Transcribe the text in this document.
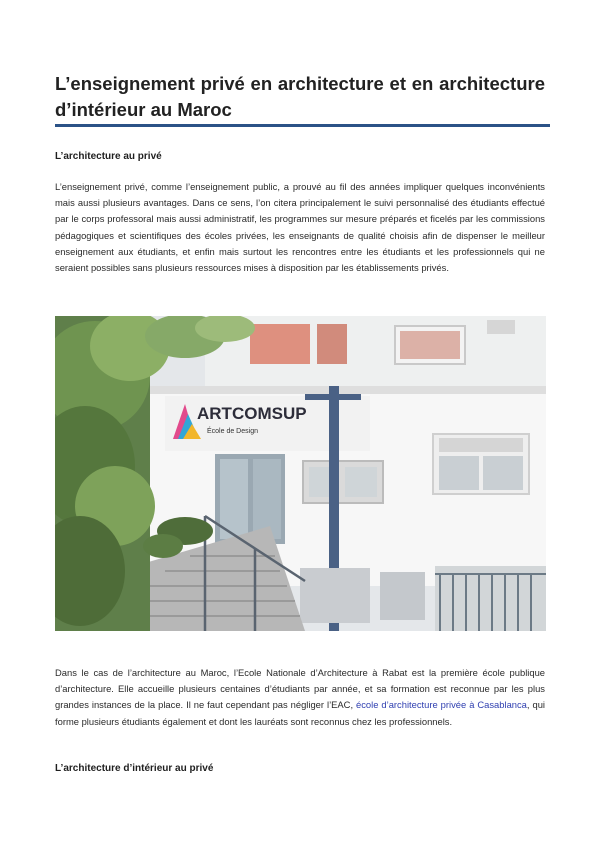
L’enseignement privé en architecture et en architecture d’intérieur au Maroc
L’architecture au privé

L’enseignement privé, comme l’enseignement public, a prouvé au fil des années impliquer quelques inconvénients mais aussi plusieurs avantages. Dans ce sens, l’on citera principalement le suivi personnalisé des étudiants effectué par le corps professoral mais aussi administratif, les programmes sur mesure préparés et ficelés par les commissions pédagogiques et scientifiques des écoles privées, les enseignants de qualité choisis afin de dispenser le meilleur enseignement aux étudiants, et enfin mais surtout les rencontres entre les étudiants et les professionnels qui ne seraient possibles sans plusieurs ressources mises à disposition par les établissements privés.

ARTCOMSUP
École de Design

Dans le cas de l’architecture au Maroc, l’Ecole Nationale d’Architecture à Rabat est la première école publique d’architecture. Elle accueille plusieurs centaines d’étudiants par année, et sa formation est reconnue par les plus grandes instances de la place. Il ne faut cependant pas négliger l’EAC, école d’architecture privée à Casablanca, qui forme plusieurs étudiants également et dont les lauréats sont reconnus chez les professionnels.

L’architecture d’intérieur au privé
